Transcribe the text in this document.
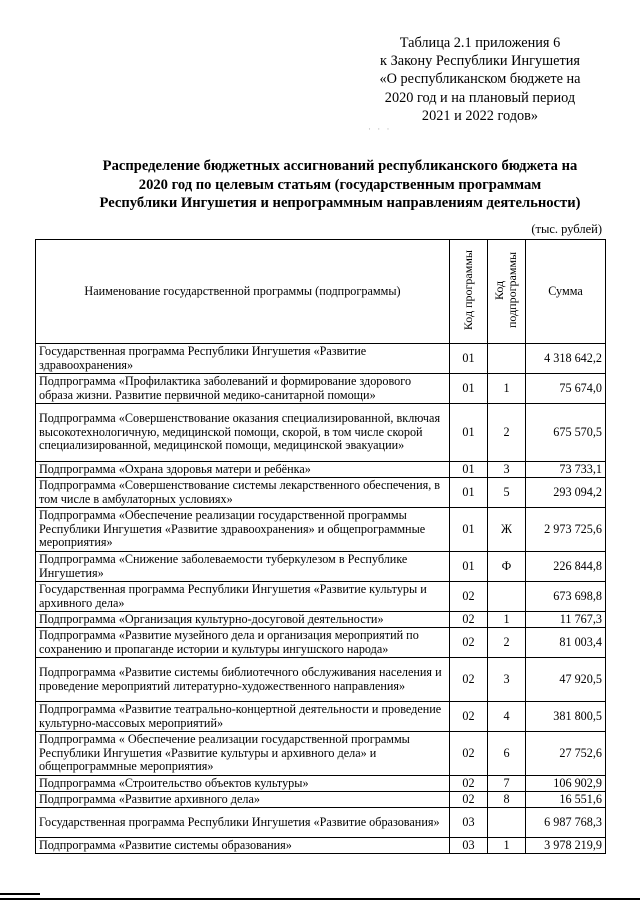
Таблица 2.1 приложения 6
к Закону Республики Ингушетия
«О республиканском бюджете на
2020 год и на плановый период
2021 и 2022 годов»
· · ·
Распределение бюджетных ассигнований республиканского бюджета на
2020 год по целевым статьям (государственным программам
Республики Ингушетия и непрограммным направлениям деятельности)
(тыс. рублей)
Наименование государственной программы (подпрограммы)	Код программы	Код подпрограммы	Сумма
Государственная программа Республики Ингушетия «Развитие здравоохранения»	01		4 318 642,2
Подпрограмма «Профилактика заболеваний и формирование здорового образа жизни. Развитие первичной медико-санитарной помощи»	01	1	75 674,0
Подпрограмма «Совершенствование оказания специализированной, включая высокотехнологичную, медицинской помощи, скорой, в том числе скорой специализированной, медицинской помощи, медицинской эвакуации»	01	2	675 570,5
Подпрограмма «Охрана здоровья матери и ребёнка»	01	3	73 733,1
Подпрограмма «Совершенствование системы лекарственного обеспечения, в том числе в амбулаторных условиях»	01	5	293 094,2
Подпрограмма «Обеспечение реализации государственной программы Республики Ингушетия «Развитие здравоохранения» и общепрограммные мероприятия»	01	Ж	2 973 725,6
Подпрограмма «Снижение заболеваемости туберкулезом в Республике Ингушетия»	01	Ф	226 844,8
Государственная программа Республики Ингушетия «Развитие культуры и архивного дела»	02		673 698,8
Подпрограмма «Организация культурно-досуговой деятельности»	02	1	11 767,3
Подпрограмма «Развитие музейного дела и организация мероприятий по сохранению и пропаганде истории и культуры ингушского народа»	02	2	81 003,4
Подпрограмма «Развитие системы библиотечного обслуживания населения и проведение мероприятий литературно-художественного направления»	02	3	47 920,5
Подпрограмма «Развитие театрально-концертной деятельности и проведение культурно-массовых мероприятий»	02	4	381 800,5
Подпрограмма « Обеспечение реализации государственной программы Республики Ингушетия «Развитие культуры и архивного дела» и общепрограммные мероприятия»	02	6	27 752,6
Подпрограмма «Строительство объектов культуры»	02	7	106 902,9
Подпрограмма «Развитие архивного дела»	02	8	16 551,6
Государственная программа Республики Ингушетия «Развитие образования»	03		6 987 768,3
Подпрограмма «Развитие системы образования»	03	1	3 978 219,9
